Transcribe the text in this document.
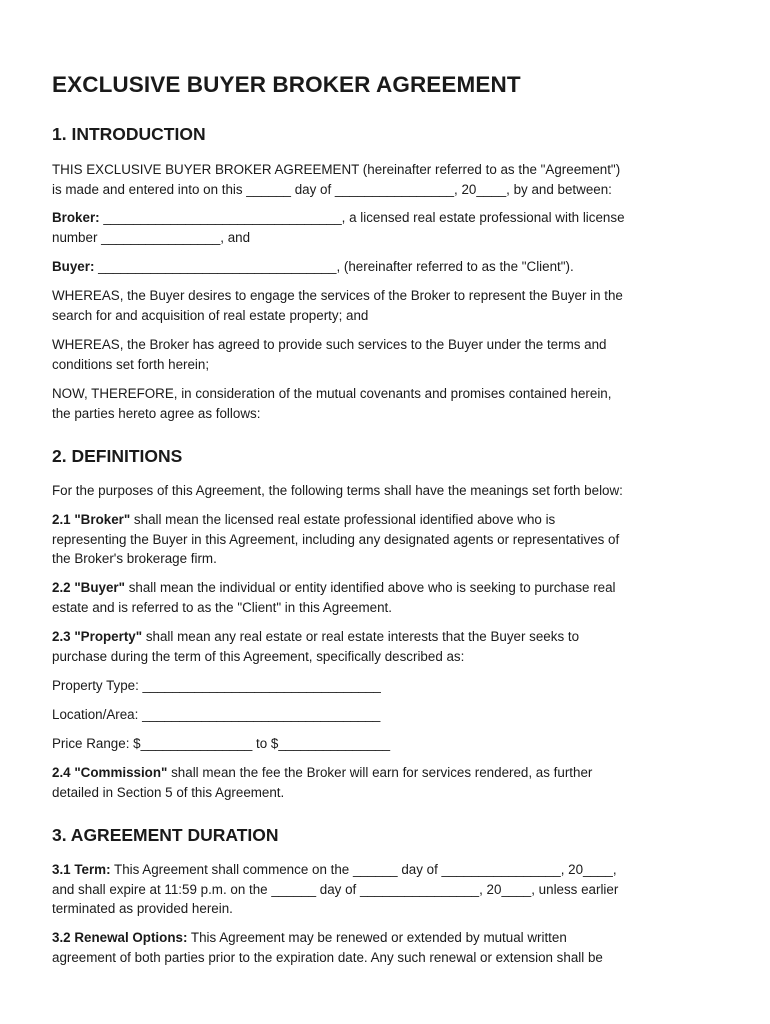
EXCLUSIVE BUYER BROKER AGREEMENT
1. INTRODUCTION

THIS EXCLUSIVE BUYER BROKER AGREEMENT (hereinafter referred to as the "Agreement")
is made and entered into on this ______ day of ________________, 20____, by and between:

Broker: ________________________________, a licensed real estate professional with license
number ________________, and

Buyer: ________________________________, (hereinafter referred to as the "Client").

WHEREAS, the Buyer desires to engage the services of the Broker to represent the Buyer in the
search for and acquisition of real estate property; and

WHEREAS, the Broker has agreed to provide such services to the Buyer under the terms and
conditions set forth herein;

NOW, THEREFORE, in consideration of the mutual covenants and promises contained herein,
the parties hereto agree as follows:

2. DEFINITIONS

For the purposes of this Agreement, the following terms shall have the meanings set forth below:

2.1 "Broker" shall mean the licensed real estate professional identified above who is
representing the Buyer in this Agreement, including any designated agents or representatives of
the Broker's brokerage firm.

2.2 "Buyer" shall mean the individual or entity identified above who is seeking to purchase real
estate and is referred to as the "Client" in this Agreement.

2.3 "Property" shall mean any real estate or real estate interests that the Buyer seeks to
purchase during the term of this Agreement, specifically described as:

Property Type: ________________________________

Location/Area: ________________________________

Price Range: $_______________ to $_______________

2.4 "Commission" shall mean the fee the Broker will earn for services rendered, as further
detailed in Section 5 of this Agreement.

3. AGREEMENT DURATION

3.1 Term: This Agreement shall commence on the ______ day of ________________, 20____,
and shall expire at 11:59 p.m. on the ______ day of ________________, 20____, unless earlier
terminated as provided herein.

3.2 Renewal Options: This Agreement may be renewed or extended by mutual written
agreement of both parties prior to the expiration date. Any such renewal or extension shall be
